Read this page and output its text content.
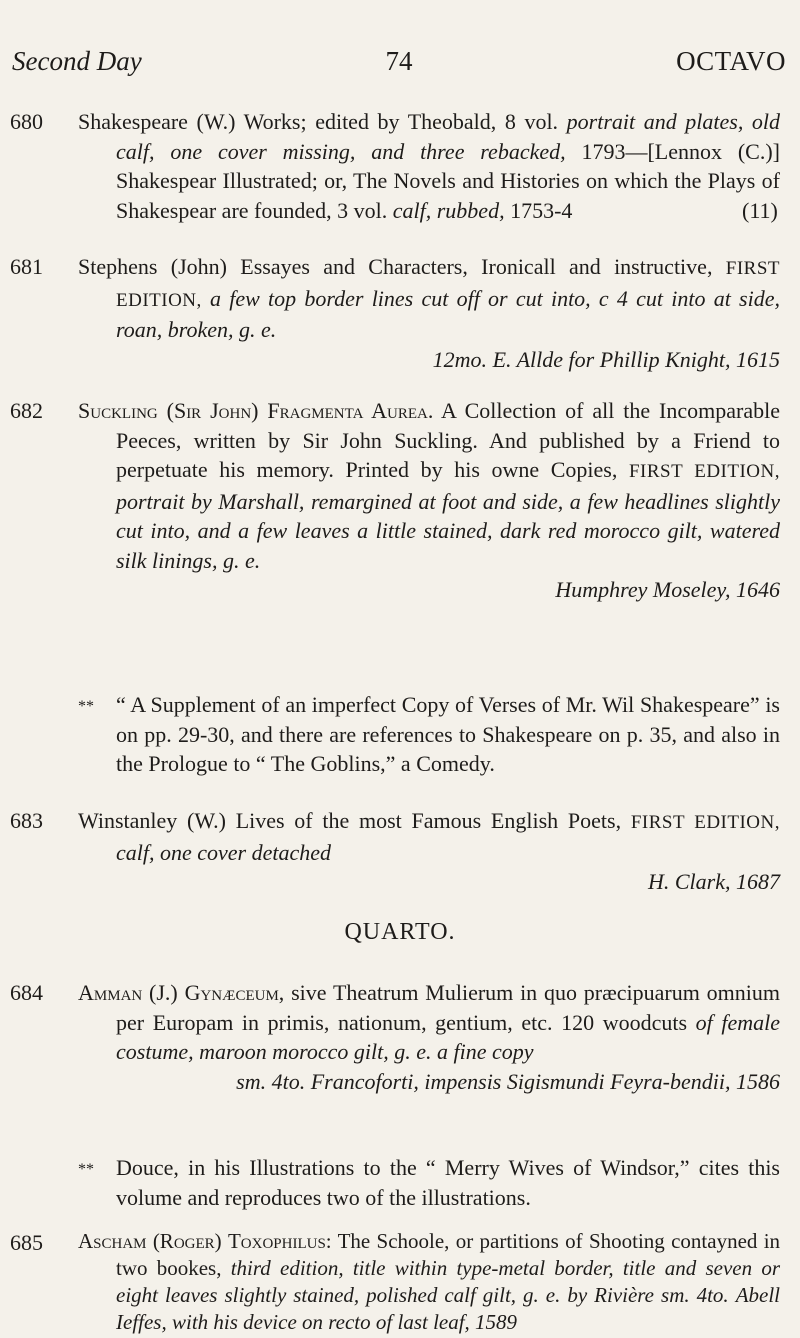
Second Day	74	OCTAVO
680 Shakespeare (W.) Works; edited by Theobald, 8 vol. portrait and plates, old calf, one cover missing, and three rebacked, 1793—[Lennox (C.)] Shakespear Illustrated; or, The Novels and Histories on which the Plays of Shakespear are founded, 3 vol. calf, rubbed, 1753-4	(11)
681 Stephens (John) Essayes and Characters, Ironicall and instructive, FIRST EDITION, a few top border lines cut off or cut into, c 4 cut into at side, roan, broken, g. e.
12mo. E. Allde for Phillip Knight, 1615
682 Suckling (Sir John) Fragmenta Aurea. A Collection of all the Incomparable Peeces, written by Sir John Suckling. And published by a Friend to perpetuate his memory. Printed by his owne Copies, FIRST EDITION, portrait by Marshall, remargined at foot and side, a few headlines slightly cut into, and a few leaves a little stained, dark red morocco gilt, watered silk linings, g. e.
Humphrey Moseley, 1646
** “ A Supplement of an imperfect Copy of Verses of Mr. Wil Shakespeare” is on pp. 29-30, and there are references to Shakespeare on p. 35, and also in the Prologue to “ The Goblins,” a Comedy.
683 Winstanley (W.) Lives of the most Famous English Poets, FIRST EDITION, calf, one cover detached
H. Clark, 1687
QUARTO.
684 Amman (J.) Gynæceum, sive Theatrum Mulierum in quo præcipuarum omnium per Europam in primis, nationum, gentium, etc. 120 woodcuts of female costume, maroon morocco gilt, g. e. a fine copy
sm. 4to. Francoforti, impensis Sigismundi Feyra-bendii, 1586
** Douce, in his Illustrations to the “ Merry Wives of Windsor,” cites this volume and reproduces two of the illustrations.
685 Ascham (Roger) Toxophilus: The Schoole, or partitions of Shooting contayned in two bookes, third edition, title within type-metal border, title and seven or eight leaves slightly stained, polished calf gilt, g. e. by Rivière sm. 4to. Abell Ieffes, with his device on recto of last leaf, 1589
